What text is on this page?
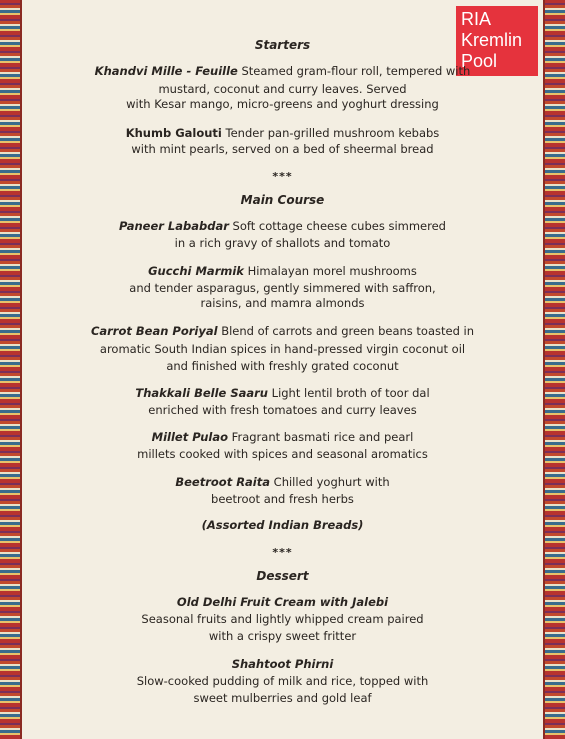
RIA
Kremlin
Pool
Starters
Khandvi Mille - Feuille Steamed gram-flour roll, tempered with
mustard, coconut and curry leaves. Served
with Kesar mango, micro-greens and yoghurt dressing
Khumb Galouti Tender pan-grilled mushroom kebabs
with mint pearls, served on a bed of sheermal bread
***
Main Course
Paneer Lababdar Soft cottage cheese cubes simmered
in a rich gravy of shallots and tomato
Gucchi Marmik Himalayan morel mushrooms
and tender asparagus, gently simmered with saffron,
raisins, and mamra almonds
Carrot Bean Poriyal Blend of carrots and green beans toasted in
aromatic South Indian spices in hand-pressed virgin coconut oil
and finished with freshly grated coconut
Thakkali Belle Saaru Light lentil broth of toor dal
enriched with fresh tomatoes and curry leaves
Millet Pulao Fragrant basmati rice and pearl
millets cooked with spices and seasonal aromatics
Beetroot Raita Chilled yoghurt with
beetroot and fresh herbs
(Assorted Indian Breads)
***
Dessert
Old Delhi Fruit Cream with Jalebi
Seasonal fruits and lightly whipped cream paired
with a crispy sweet fritter
Shahtoot Phirni
Slow-cooked pudding of milk and rice, topped with
sweet mulberries and gold leaf
